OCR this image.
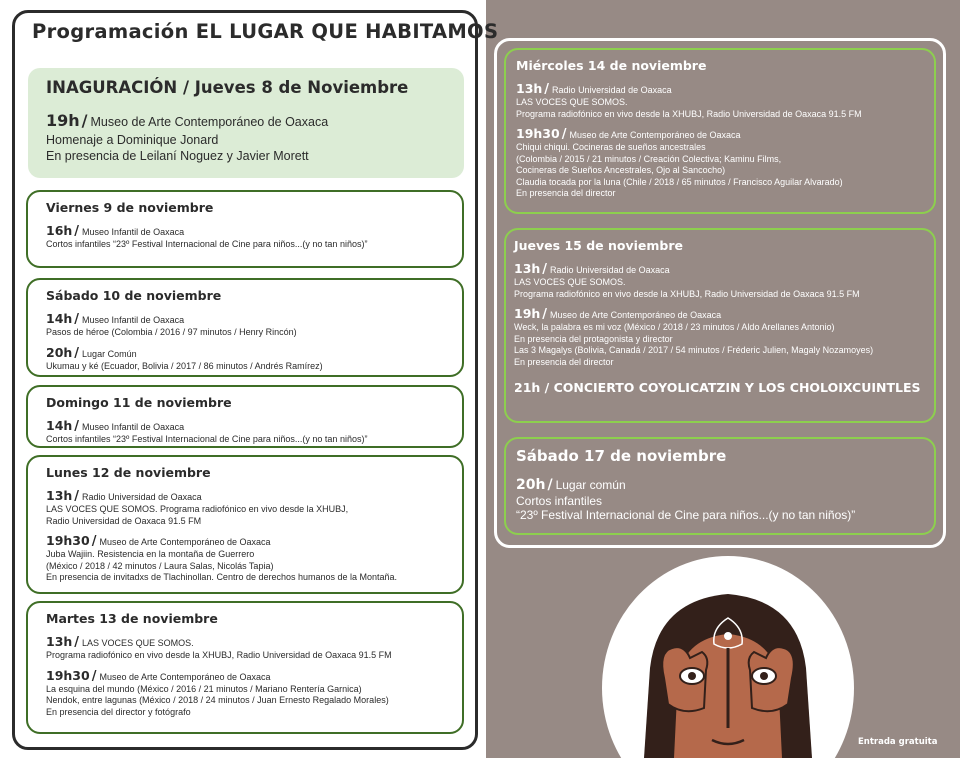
Programación EL LUGAR QUE HABITAMOS
INAGURACIÓN / Jueves 8 de Noviembre
19h / Museo de Arte Contemporáneo de Oaxaca
Homenaje a Dominique Jonard
En presencia de Leilaní Noguez y Javier Morett
Viernes 9 de noviembre
16h / Museo Infantil de Oaxaca
Cortos infantiles “23º Festival Internacional de Cine para niños...(y no tan niños)”
Sábado 10 de noviembre
14h / Museo Infantil de Oaxaca
Pasos de héroe (Colombia / 2016 / 97 minutos / Henry Rincón)
20h / Lugar Común
Ukumau y ké (Ecuador, Bolivia / 2017 / 86 minutos / Andrés Ramírez)
Domingo 11 de noviembre
14h / Museo Infantil de Oaxaca
Cortos infantiles “23º Festival Internacional de Cine para niños...(y no tan niños)”
Lunes 12 de noviembre
13h / Radio Universidad de Oaxaca
LAS VOCES QUE SOMOS. Programa radiofónico en vivo desde la XHUBJ,
Radio Universidad de Oaxaca 91.5 FM
19h30 / Museo de Arte Contemporáneo de Oaxaca
Juba Wajiin. Resistencia en la montaña de Guerrero
(México / 2018 / 42 minutos / Laura Salas, Nicolás Tapia)
En presencia de invitadxs de Tlachinollan. Centro de derechos humanos de la Montaña.
Martes 13 de noviembre
13h / LAS VOCES QUE SOMOS.
Programa radiofónico en vivo desde la XHUBJ, Radio Universidad de Oaxaca 91.5 FM
19h30 / Museo de Arte Contemporáneo de Oaxaca
La esquina del mundo (México / 2016 / 21 minutos / Mariano Rentería Garnica)
Nendok, entre lagunas (México / 2018 / 24 minutos / Juan Ernesto Regalado Morales)
En presencia del director y fotógrafo
Miércoles 14 de noviembre
13h / Radio Universidad de Oaxaca
LAS VOCES QUE SOMOS.
Programa radiofónico en vivo desde la XHUBJ, Radio Universidad de Oaxaca 91.5 FM
19h30 / Museo de Arte Contemporáneo de Oaxaca
Chiqui chiqui. Cocineras de sueños ancestrales
(Colombia / 2015 / 21 minutos / Creación Colectiva; Kaminu Films,
Cocineras de Sueños Ancestrales, Ojo al Sancocho)
Claudia tocada por la luna (Chile / 2018 / 65 minutos / Francisco Aguilar Alvarado)
En presencia del director
Jueves 15 de noviembre
13h / Radio Universidad de Oaxaca
LAS VOCES QUE SOMOS.
Programa radiofónico en vivo desde la XHUBJ, Radio Universidad de Oaxaca 91.5 FM
19h / Museo de Arte Contemporáneo de Oaxaca
Weck, la palabra es mi voz (México / 2018 / 23 minutos / Aldo Arellanes Antonio)
En presencia del protagonista y director
Las 3 Magalys (Bolivia, Canadá / 2017 / 54 minutos / Fréderic Julien, Magaly Nozamoyes)
En presencia del director
21h / CONCIERTO COYOLICATZIN Y LOS CHOLOIXCUINTLES
Sábado 17 de noviembre
20h / Lugar común
Cortos infantiles
“23º Festival Internacional de Cine para niños...(y no tan niños)”
Entrada gratuita
